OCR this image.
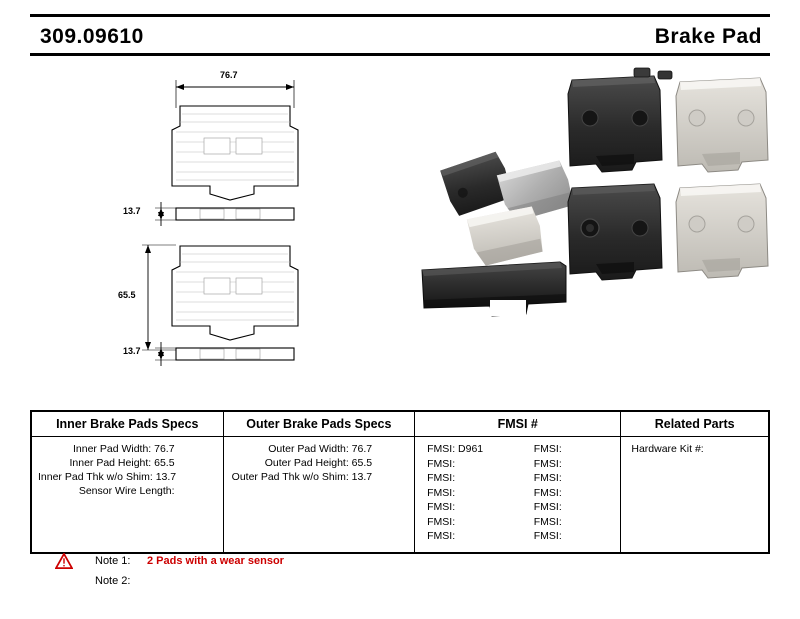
309.09610	Brake Pad
76.7
13.7
65.5
13.7
Inner Brake Pads Specs	Outer Brake Pads Specs	FMSI #	Related Parts

Inner Pad Width: 76.7
Inner Pad Height: 65.5
Inner Pad Thk w/o Shim: 13.7
Sensor Wire Length:

Outer Pad Width: 76.7
Outer Pad Height: 65.5
Outer Pad Thk w/o Shim: 13.7

FMSI: D961
FMSI:
FMSI:
FMSI:
FMSI:
FMSI:
FMSI:
FMSI:
FMSI:
FMSI:
FMSI:
FMSI:
FMSI:
FMSI:

Hardware Kit #:
Note 1: 2 Pads with a wear sensor
Note 2:
